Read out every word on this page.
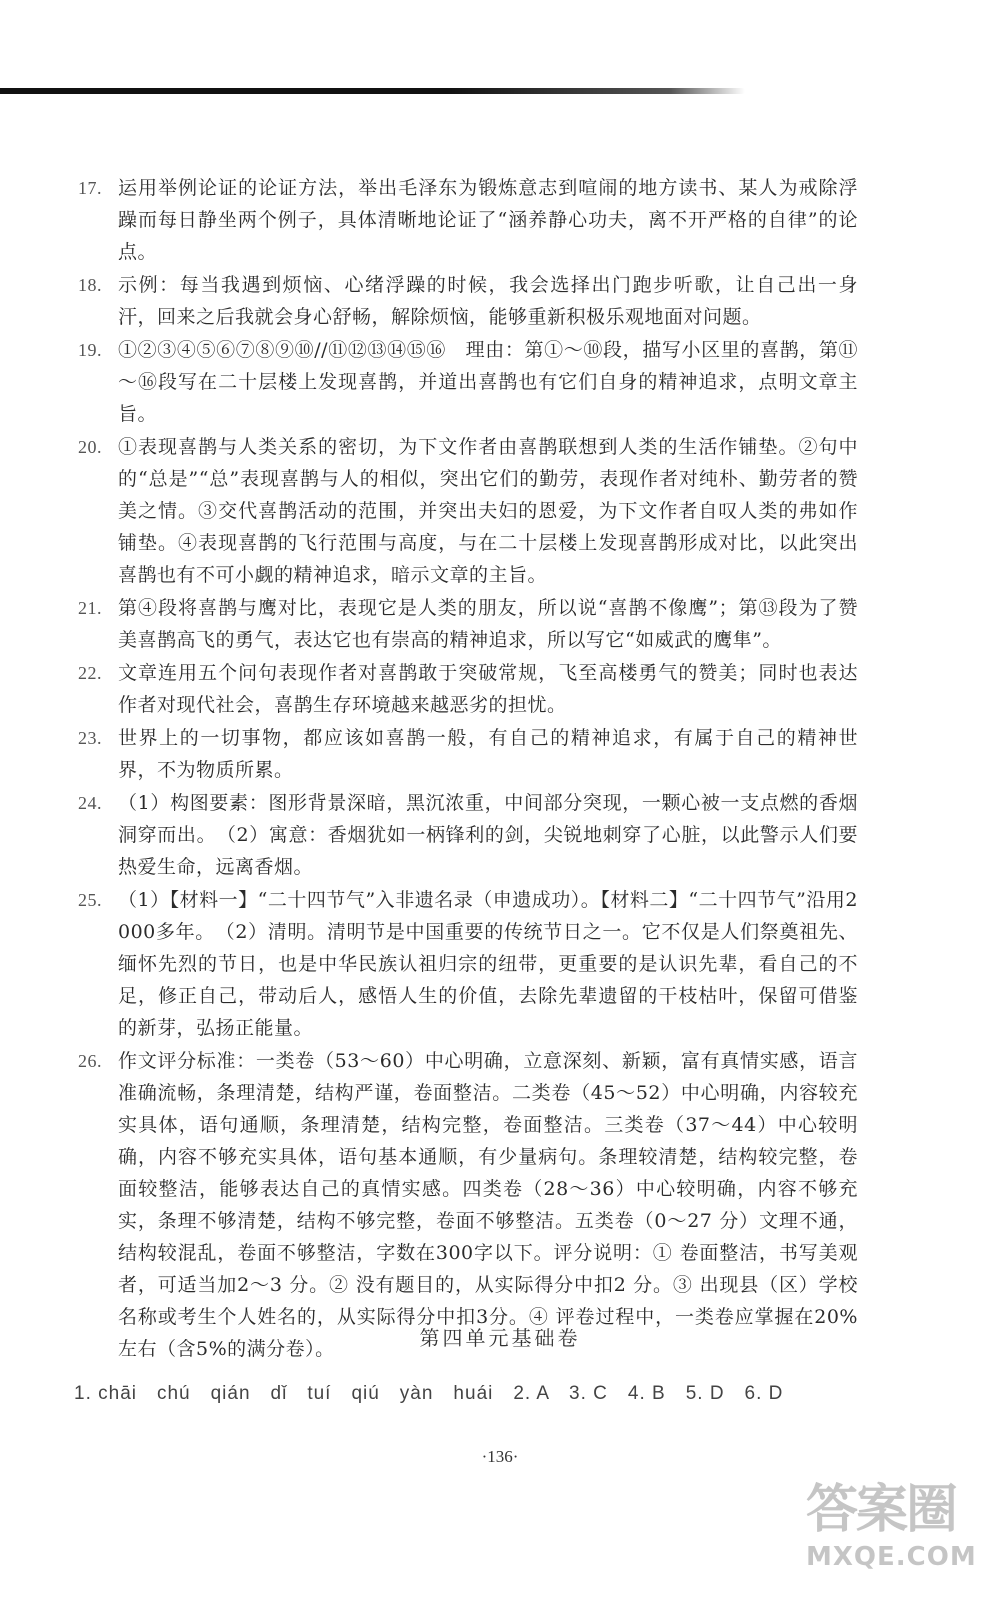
17. 运用举例论证的论证方法，举出毛泽东为锻炼意志到喧闹的地方读书、某人为戒除浮躁而每日静坐两个例子，具体清晰地论证了“涵养静心功夫，离不开严格的自律”的论点。
18. 示例：每当我遇到烦恼、心绪浮躁的时候，我会选择出门跑步听歌，让自己出一身汗，回来之后我就会身心舒畅，解除烦恼，能够重新积极乐观地面对问题。
19. ①②③④⑤⑥⑦⑧⑨⑩//⑪⑫⑬⑭⑮⑯　理由：第①～⑩段，描写小区里的喜鹊，第⑪～⑯段写在二十层楼上发现喜鹊，并道出喜鹊也有它们自身的精神追求，点明文章主旨。
20. ①表现喜鹊与人类关系的密切，为下文作者由喜鹊联想到人类的生活作铺垫。②句中的“总是”“总”表现喜鹊与人的相似，突出它们的勤劳，表现作者对纯朴、勤劳者的赞美之情。③交代喜鹊活动的范围，并突出夫妇的恩爱，为下文作者自叹人类的弗如作铺垫。④表现喜鹊的飞行范围与高度，与在二十层楼上发现喜鹊形成对比，以此突出喜鹊也有不可小觑的精神追求，暗示文章的主旨。
21. 第④段将喜鹊与鹰对比，表现它是人类的朋友，所以说“喜鹊不像鹰”；第⑬段为了赞美喜鹊高飞的勇气，表达它也有崇高的精神追求，所以写它“如威武的鹰隼”。
22. 文章连用五个问句表现作者对喜鹊敢于突破常规，飞至高楼勇气的赞美；同时也表达作者对现代社会，喜鹊生存环境越来越恶劣的担忧。
23. 世界上的一切事物，都应该如喜鹊一般，有自己的精神追求，有属于自己的精神世界，不为物质所累。
24. （1）构图要素：图形背景深暗，黑沉浓重，中间部分突现，一颗心被一支点燃的香烟洞穿而出。　（2）寓意：香烟犹如一柄锋利的剑，尖锐地刺穿了心脏，以此警示人们要热爱生命，远离香烟。
25. （1）【材料一】“二十四节气”入非遗名录（申遗成功）。【材料二】“二十四节气”沿用2 000多年。　（2）清明。清明节是中国重要的传统节日之一。它不仅是人们祭奠祖先、缅怀先烈的节日，也是中华民族认祖归宗的纽带，更重要的是认识先辈，看自己的不足，修正自己，带动后人，感悟人生的价值，去除先辈遗留的干枝枯叶，保留可借鉴的新芽，弘扬正能量。
26. 作文评分标准：一类卷（53～60）中心明确，立意深刻、新颖，富有真情实感，语言准确流畅，条理清楚，结构严谨，卷面整洁。二类卷（45～52）中心明确，内容较充实具体，语句通顺，条理清楚，结构完整，卷面整洁。三类卷（37～44）中心较明确，内容不够充实具体，语句基本通顺，有少量病句。条理较清楚，结构较完整，卷面较整洁，能够表达自己的真情实感。四类卷（28～36）中心较明确，内容不够充实，条理不够清楚，结构不够完整，卷面不够整洁。五类卷（0～27 分）文理不通，结构较混乱，卷面不够整洁，字数在300字以下。评分说明：① 卷面整洁，书写美观者，可适当加2～3 分。② 没有题目的，从实际得分中扣2 分。③ 出现县（区）学校名称或考生个人姓名的，从实际得分中扣3分。④ 评卷过程中，一类卷应掌握在20%左右（含5%的满分卷）。	第四单元基础卷
1. chāi　chú　qián　dǐ　tuí　qiú　yàn　huái　2. A　3. C　4. B　5. D　6. D
·136·
答案圈
MXQE.COM
